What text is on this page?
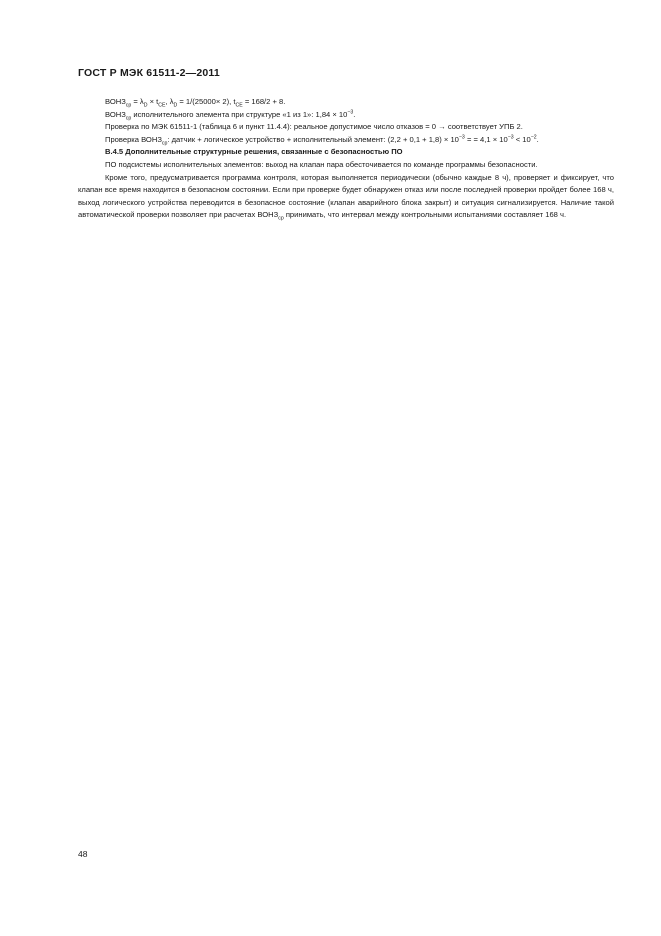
ГОСТ Р МЭК 61511-2—2011

$ВОНЗ_{ср} = \lambda_D \times t_{CE}$, $\lambda_D = 1/(25000\times 2)$, $t_{CE} = 168/2 + 8$.

$ВОНЗ_{ср}$ исполнительного элемента при структуре «1 из 1»: $1,84 \times 10^{-3}$.

Проверка по МЭК 61511-1 (таблица 6 и пункт 11.4.4): реальное допустимое число отказов = 0 → соответствует УПБ 2.

Проверка $ВОНЗ_{ср}$: датчик + логическое устройство + исполнительный элемент: $(2,2 + 0,1 + 1,8) \times 10^{-3}$ = = $4,1 \times 10^{-3} < 10^{-2}$.

В.4.5 Дополнительные структурные решения, связанные с безопасностью ПО

ПО подсистемы исполнительных элементов: выход на клапан пара обесточивается по команде программы безопасности.

Кроме того, предусматривается программа контроля, которая выполняется периодически (обычно каждые 8 ч), проверяет и фиксирует, что клапан все время находится в безопасном состоянии. Если при проверке будет обнаружен отказ или после последней проверки пройдет более 168 ч, выход логического устройства переводится в безопасное состояние (клапан аварийного блока закрыт) и ситуация сигнализируется. Наличие такой автоматической проверки позволяет при расчетах $ВОНЗ_{ср}$ принимать, что интервал между контрольными испытаниями составляет 168 ч.

48
